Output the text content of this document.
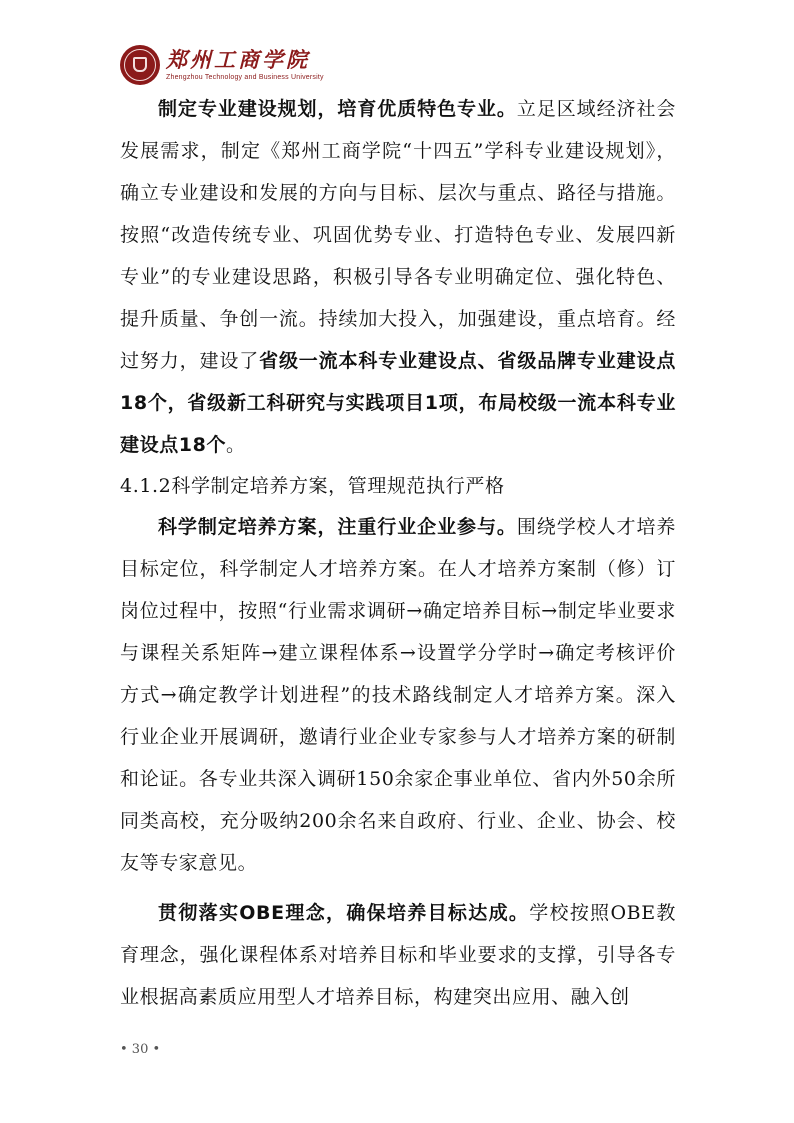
郑州工商学院
Zhengzhou Technology and Business University

制定专业建设规划，培育优质特色专业。立足区域经济社会发展需求，制定《郑州工商学院“十四五”学科专业建设规划》，确立专业建设和发展的方向与目标、层次与重点、路径与措施。按照“改造传统专业、巩固优势专业、打造特色专业、发展四新专业”的专业建设思路，积极引导各专业明确定位、强化特色、提升质量、争创一流。持续加大投入，加强建设，重点培育。经过努力，建设了省级一流本科专业建设点、省级品牌专业建设点18个，省级新工科研究与实践项目1项，布局校级一流本科专业建设点18个。

4.1.2科学制定培养方案，管理规范执行严格

科学制定培养方案，注重行业企业参与。围绕学校人才培养目标定位，科学制定人才培养方案。在人才培养方案制（修）订岗位过程中，按照“行业需求调研→确定培养目标→制定毕业要求与课程关系矩阵→建立课程体系→设置学分学时→确定考核评价方式→确定教学计划进程”的技术路线制定人才培养方案。深入行业企业开展调研，邀请行业企业专家参与人才培养方案的研制和论证。各专业共深入调研150余家企事业单位、省内外50余所同类高校，充分吸纳200余名来自政府、行业、企业、协会、校友等专家意见。

贯彻落实OBE理念，确保培养目标达成。学校按照OBE教育理念，强化课程体系对培养目标和毕业要求的支撑，引导各专业根据高素质应用型人才培养目标，构建突出应用、融入创

• 30 •
